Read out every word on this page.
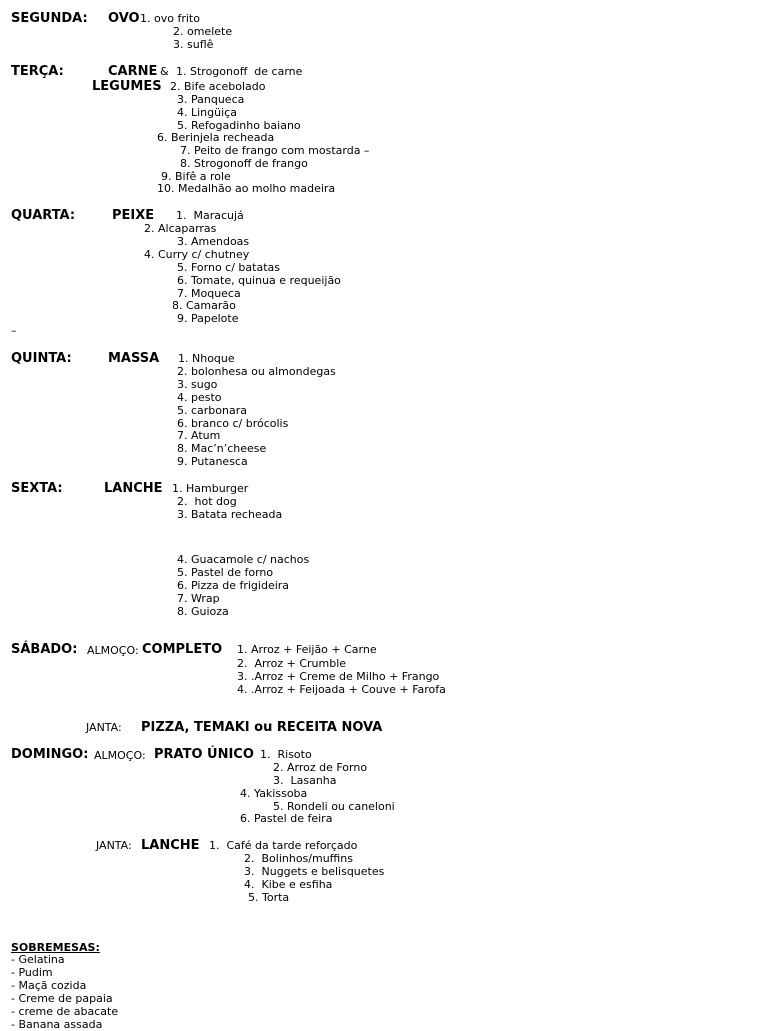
SEGUNDA: OVO 1. ovo frito
2. omelete
3. suflê
TERÇA:	CARNE &
LEGUMES
1. Strogonoff  de carne
2. Bife acebolado
3. Panqueca
4. Lingüiça
5. Refogadinho baiano
6. Berinjela recheada
7. Peito de frango com mostarda –
8. Strogonoff de frango
9. Bifê a role
10. Medalhão ao molho madeira
QUARTA:	PEIXE 1.  Maracujá
2. Alcaparras
3. Amendoas
4. Curry c/ chutney
5. Forno c/ batatas
6. Tomate, quinua e requeijão
7. Moqueca
8. Camarão
9. Papelote
–
QUINTA:	MASSA 1. Nhoque
2. bolonhesa ou almondegas
3. sugo
4. pesto
5. carbonara
6. branco c/ brócolis
7. Atum
8. Mac’n’cheese
9. Putanesca
SEXTA:	LANCHE 1. Hamburger
2.  hot dog
3. Batata recheada
4. Guacamole c/ nachos
5. Pastel de forno
6. Pizza de frigideira
7. Wrap
8. Guioza
SÁBADO: ALMOÇO: COMPLETO 1. Arroz + Feijão + Carne
2.  Arroz + Crumble
3. .Arroz + Creme de Milho + Frango
4. .Arroz + Feijoada + Couve + Farofa
JANTA: PIZZA, TEMAKI ou RECEITA NOVA
DOMINGO: ALMOÇO: PRATO ÚNICO 1.  Risoto
2. Arroz de Forno
3.  Lasanha
4. Yakissoba
5. Rondeli ou caneloni
6. Pastel de feira
JANTA: LANCHE 1.  Café da tarde reforçado
2.  Bolinhos/muffins
3.  Nuggets e belisquetes
4.  Kibe e esfiha
5. Torta
SOBREMESAS:
- Gelatina
- Pudim
- Maçã cozida
- Creme de papaia
- creme de abacate
- Banana assada
